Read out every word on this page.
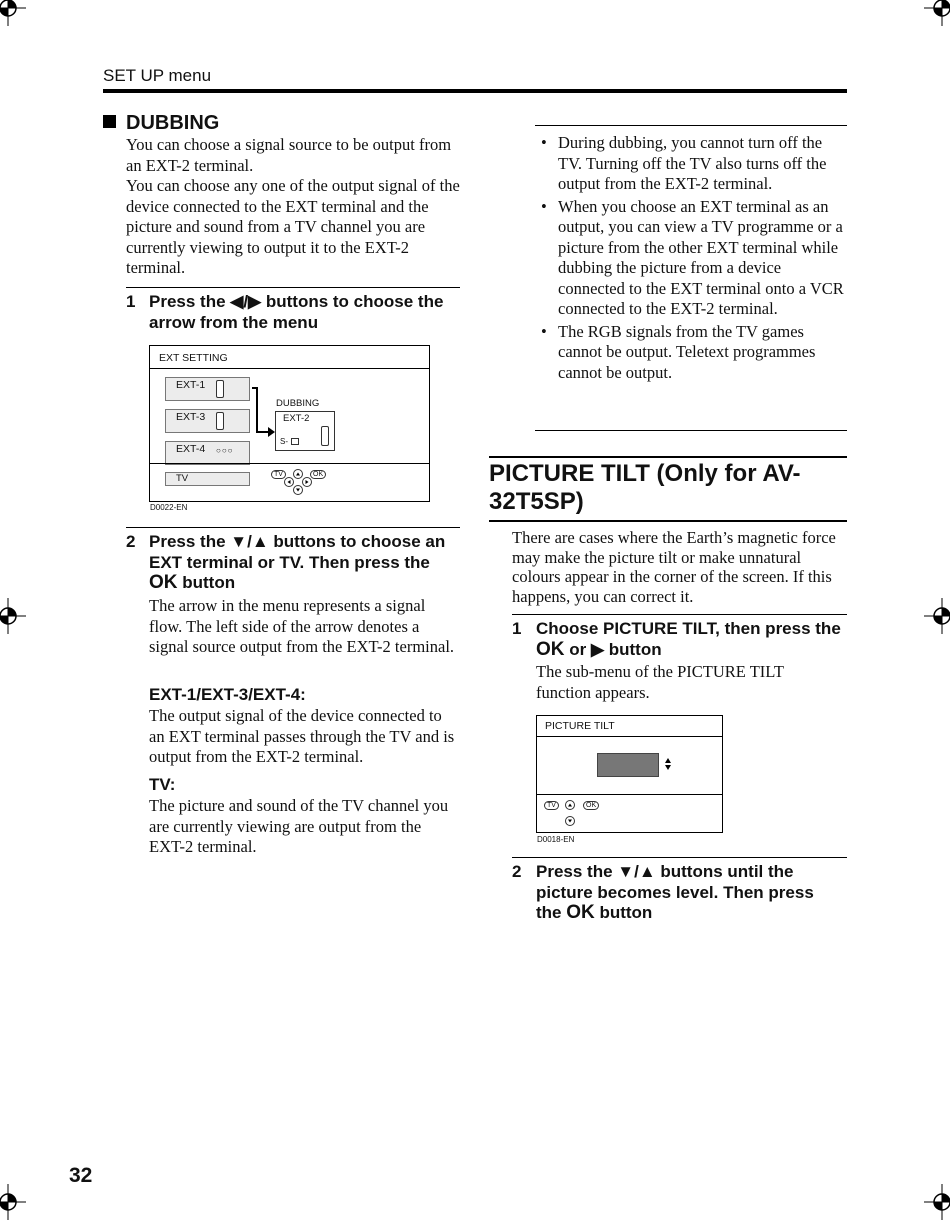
SET UP menu
DUBBING
You can choose a signal source to be output from an EXT-2 terminal.
You can choose any one of the output signal of the device connected to the EXT terminal and the picture and sound from a TV channel you are currently viewing to output it to the EXT-2 terminal.
1 Press the ◀/▶ buttons to choose the arrow from the menu
EXT SETTING
EXT-1
EXT-3
EXT-4 ○○○
DUBBING
EXT-2
S-
TV	TV	OK
D0022-EN
2 Press the ▼/▲ buttons to choose an EXT terminal or TV. Then press the OK button
The arrow in the menu represents a signal flow. The left side of the arrow denotes a signal source output from the EXT-2 terminal.
EXT-1/EXT-3/EXT-4:
The output signal of the device connected to an EXT terminal passes through the TV and is output from the EXT-2 terminal.
TV:
The picture and sound of the TV channel you are currently viewing are output from the EXT-2 terminal.
• During dubbing, you cannot turn off the TV. Turning off the TV also turns off the output from the EXT-2 terminal.
• When you choose an EXT terminal as an output, you can view a TV programme or a picture from the other EXT terminal while dubbing the picture from a device connected to the EXT terminal onto a VCR connected to the EXT-2 terminal.
• The RGB signals from the TV games cannot be output. Teletext programmes cannot be output.
PICTURE TILT (Only for AV-32T5SP)
There are cases where the Earth’s magnetic force may make the picture tilt or make unnatural colours appear in the corner of the screen. If this happens, you can correct it.
1 Choose PICTURE TILT, then press the OK or ▶ button
The sub-menu of the PICTURE TILT function appears.
PICTURE TILT
TV	OK
D0018-EN
2 Press the ▼/▲ buttons until the picture becomes level. Then press the OK button
32
